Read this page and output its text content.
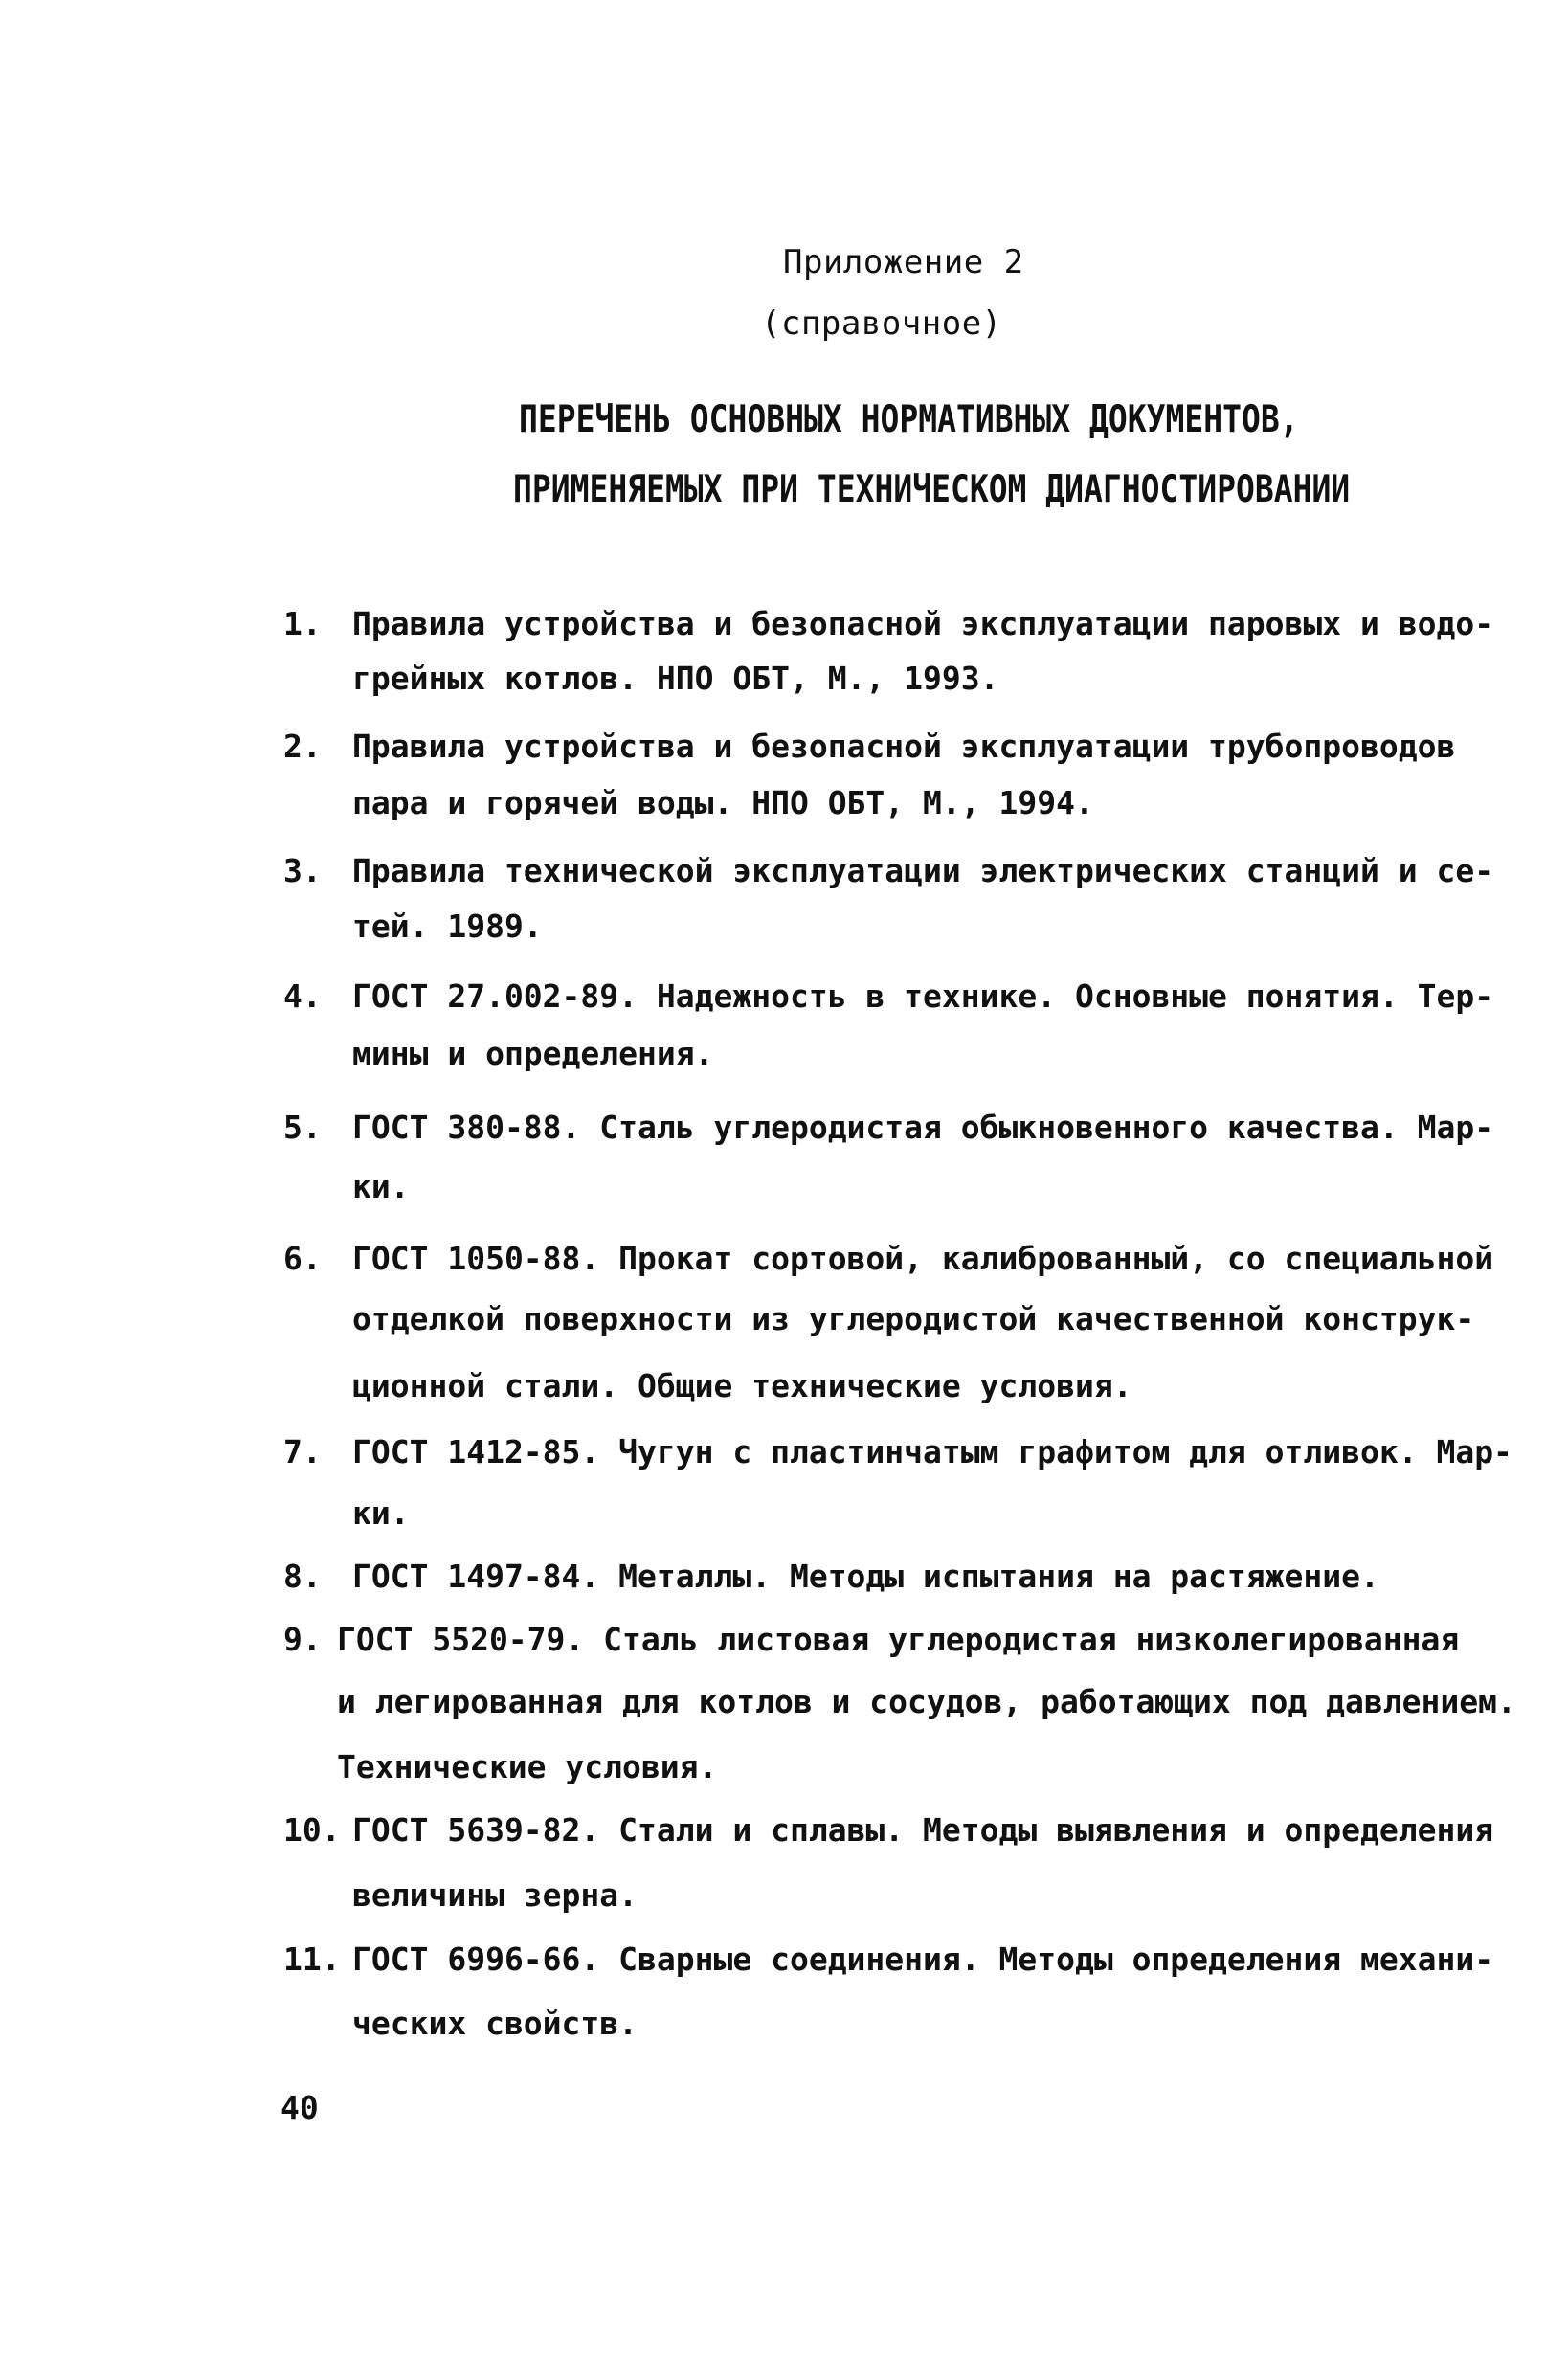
Приложение 2
(справочное)
ПЕРЕЧЕНЬ ОСНОВНЫХ НОРМАТИВНЫХ ДОКУМЕНТОВ,
ПРИМЕНЯЕМЫХ ПРИ ТЕХНИЧЕСКОМ ДИАГНОСТИРОВАНИИ
1. Правила устройства и безопасной эксплуатации паровых и водо-
грейных котлов. НПО ОБТ, М., 1993.
2. Правила устройства и безопасной эксплуатации трубопроводов
пара и горячей воды. НПО ОБТ, М., 1994.
3. Правила технической эксплуатации электрических станций и се-
тей. 1989.
4. ГОСТ 27.002-89. Надежность в технике. Основные понятия. Тер-
мины и определения.
5. ГОСТ 380-88. Сталь углеродистая обыкновенного качества. Мар-
ки.
6. ГОСТ 1050-88. Прокат сортовой, калиброванный, со специальной
отделкой поверхности из углеродистой качественной конструк-
ционной стали. Общие технические условия.
7. ГОСТ 1412-85. Чугун с пластинчатым графитом для отливок. Мар-
ки.
8. ГОСТ 1497-84. Металлы. Методы испытания на растяжение.
9. ГОСТ 5520-79. Сталь листовая углеродистая низколегированная
и легированная для котлов и сосудов, работающих под давлением.
Технические условия.
10. ГОСТ 5639-82. Стали и сплавы. Методы выявления и определения
величины зерна.
11. ГОСТ 6996-66. Сварные соединения. Методы определения механи-
ческих свойств.
40
